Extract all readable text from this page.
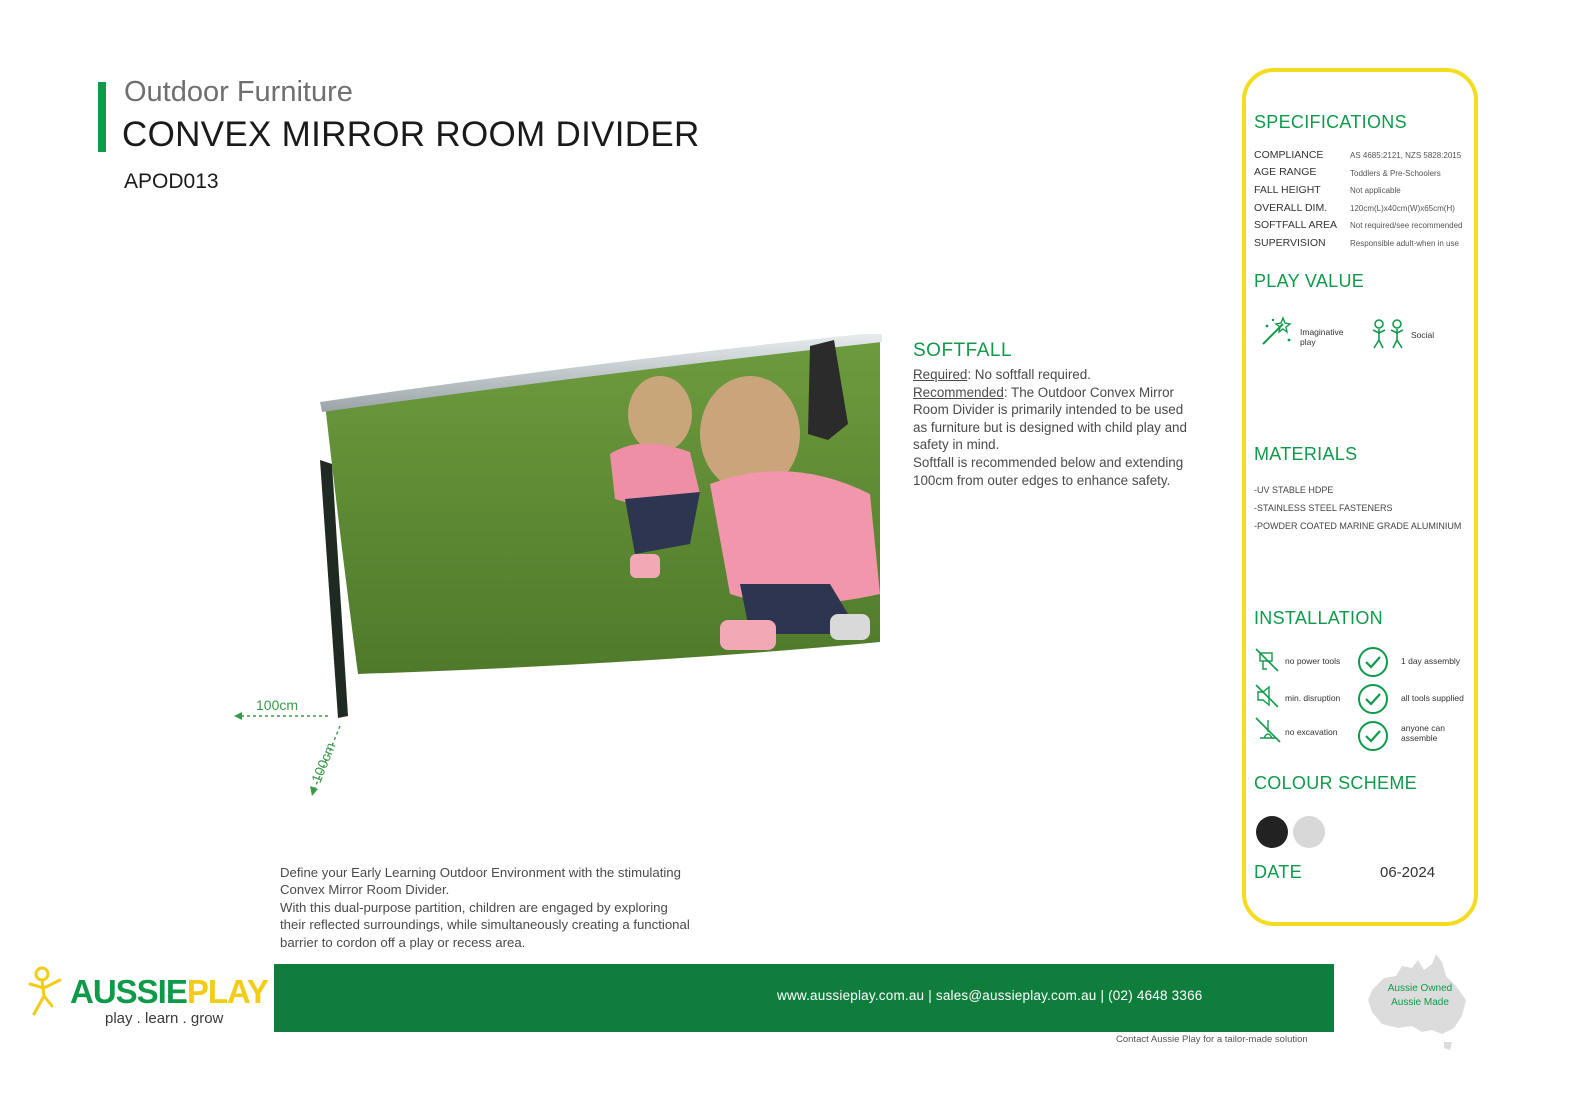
Outdoor Furniture
CONVEX MIRROR ROOM DIVIDER
APOD013
100cm
100cm
SOFTFALL

Required: No softfall required.

Recommended: The Outdoor Convex Mirror Room Divider is primarily intended to be used as furniture but is designed with child play and safety in mind.

Softfall is recommended below and extending 100cm from outer edges to enhance safety.

Define your Early Learning Outdoor Environment with the stimulating Convex Mirror Room Divider.

With this dual-purpose partition, children are engaged by exploring their reflected surroundings, while simultaneously creating a functional barrier to cordon off a play or recess area.

SPECIFICATIONS
COMPLIANCE	AS 4685:2121, NZS 5828:2015
AGE RANGE	Toddlers & Pre-Schoolers
FALL HEIGHT	Not applicable
OVERALL DIM.	120cm(L)x40cm(W)x65cm(H)
SOFTFALL AREA Not required/see recommended
SUPERVISION	Responsible adult-when in use
PLAY VALUE
Imaginative
play
Social
MATERIALS
-UV STABLE HDPE
-STAINLESS STEEL FASTENERS
-POWDER COATED MARINE GRADE ALUMINIUM
INSTALLATION
no power tools
min. disruption
no excavation
1 day assembly
all tools supplied
anyone can
assemble
COLOUR SCHEME
DATE	06-2024
AUSSIEPLAY
play . learn . grow
www.aussieplay.com.au | sales@aussieplay.com.au | (02) 4648 3366
Contact Aussie Play for a tailor-made solution
Aussie Owned
Aussie Made
